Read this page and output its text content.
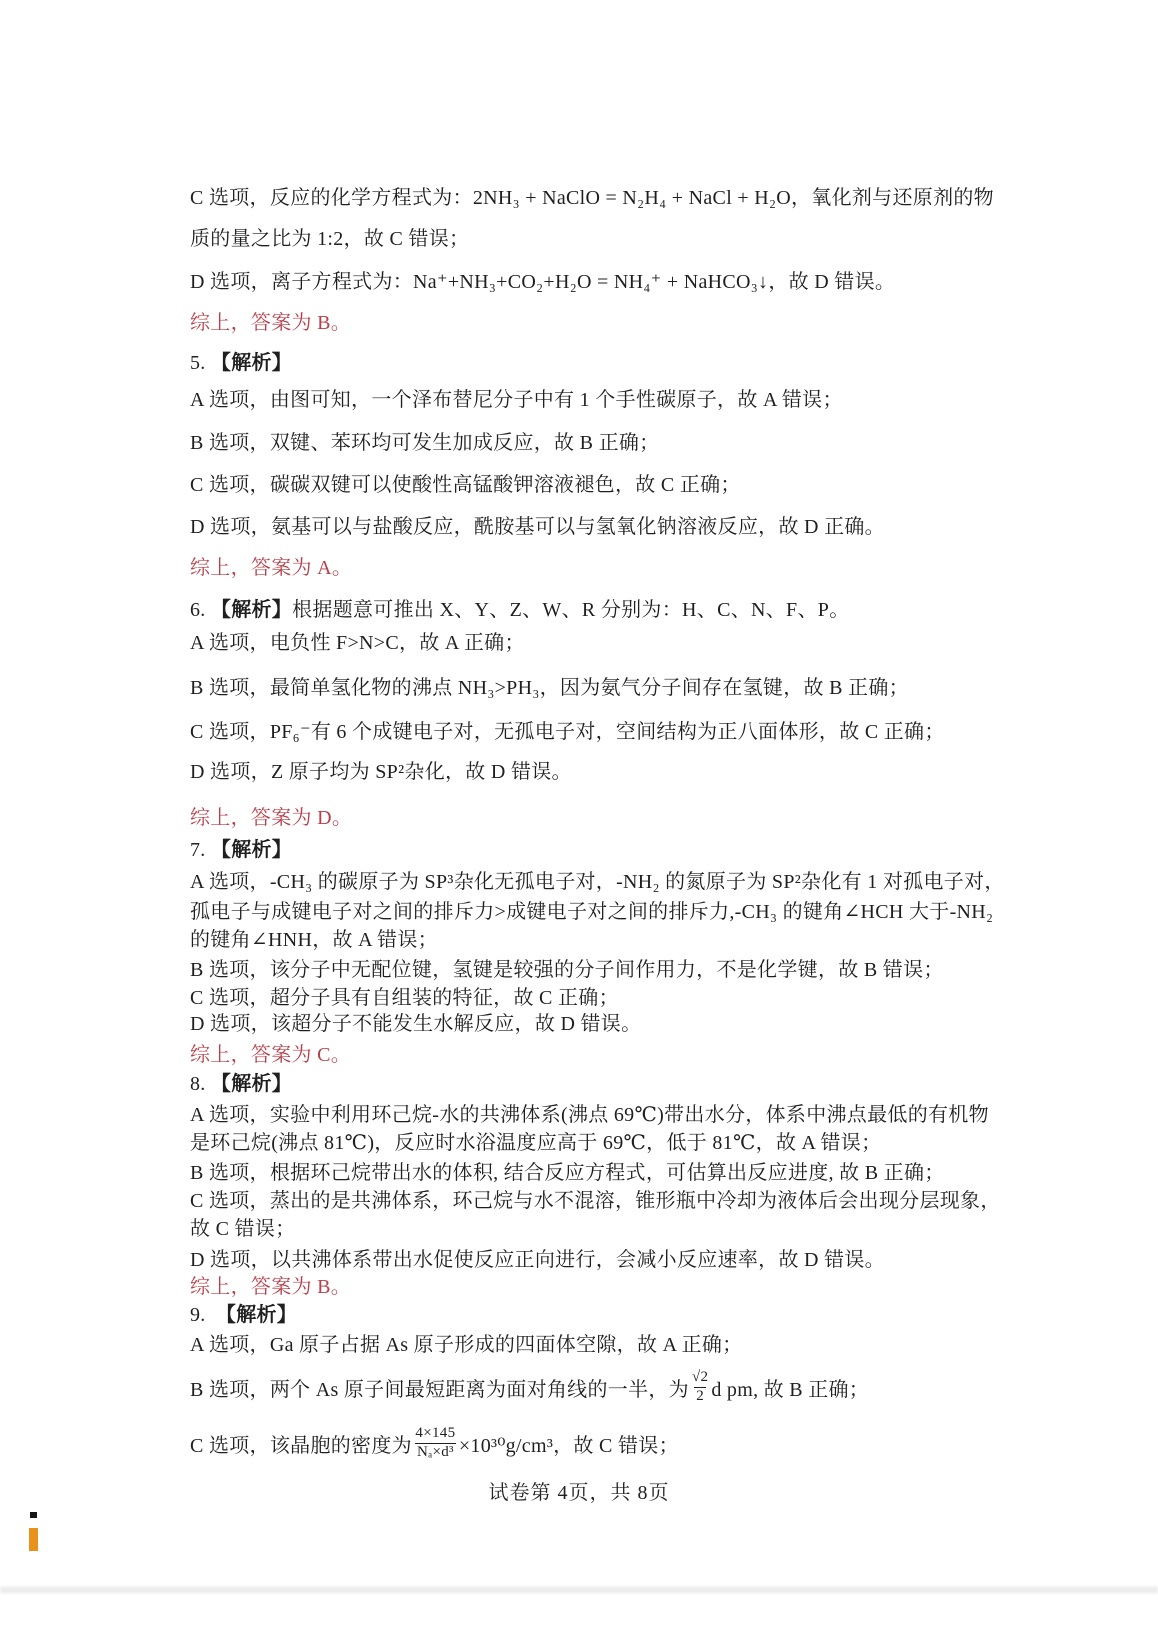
C 选项，反应的化学方程式为：2NH₃ + NaClO = N₂H₄ + NaCl + H₂O，氧化剂与还原剂的物
质的量之比为 1:2，故 C 错误；
D 选项，离子方程式为：Na⁺+NH₃+CO₂+H₂O = NH₄⁺ + NaHCO₃↓，故 D 错误。
综上，答案为 B。
5. 【解析】
A 选项，由图可知，一个泽布替尼分子中有 1 个手性碳原子，故 A 错误；
B 选项，双键、苯环均可发生加成反应，故 B 正确；
C 选项，碳碳双键可以使酸性高锰酸钾溶液褪色，故 C 正确；
D 选项，氨基可以与盐酸反应，酰胺基可以与氢氧化钠溶液反应，故 D 正确。
综上，答案为 A。
6. 【解析】根据题意可推出 X、Y、Z、W、R 分别为：H、C、N、F、P。
A 选项，电负性 F>N>C，故 A 正确；
B 选项，最简单氢化物的沸点 NH₃>PH₃，因为氨气分子间存在氢键，故 B 正确；
C 选项，PF₆⁻有 6 个成键电子对，无孤电子对，空间结构为正八面体形，故 C 正确；
D 选项，Z 原子均为 SP²杂化，故 D 错误。
综上，答案为 D。
7. 【解析】
A 选项，-CH₃ 的碳原子为 SP³杂化无孤电子对，-NH₂ 的氮原子为 SP²杂化有 1 对孤电子对，
孤电子与成键电子对之间的排斥力>成键电子对之间的排斥力,-CH₃ 的键角∠HCH 大于-NH₂
的键角∠HNH，故 A 错误；
B 选项，该分子中无配位键，氢键是较强的分子间作用力，不是化学键，故 B 错误；
C 选项，超分子具有自组装的特征，故 C 正确；
D 选项，该超分子不能发生水解反应，故 D 错误。
综上，答案为 C。
8. 【解析】
A 选项，实验中利用环己烷-水的共沸体系(沸点 69℃)带出水分，体系中沸点最低的有机物
是环己烷(沸点 81℃)，反应时水浴温度应高于 69℃，低于 81℃，故 A 错误；
B 选项，根据环己烷带出水的体积, 结合反应方程式，可估算出反应进度, 故 B 正确；
C 选项，蒸出的是共沸体系，环己烷与水不混溶，锥形瓶中冷却为液体后会出现分层现象，
故 C 错误；
D 选项，以共沸体系带出水促使反应正向进行，会减小反应速率，故 D 错误。
综上，答案为 B。
9.　【解析】
A 选项，Ga 原子占据 As 原子形成的四面体空隙，故 A 正确；
B 选项，两个 As 原子间最短距离为面对角线的一半，为 $\frac{√2}{2}$ d pm, 故 B 正确；
C 选项，该晶胞的密度为 $\frac{4\times 145}{\text{Nₐ×d³}} \times 10^{30}g/cm^3$，故 C 错误；
试卷第 4页，共 8页
